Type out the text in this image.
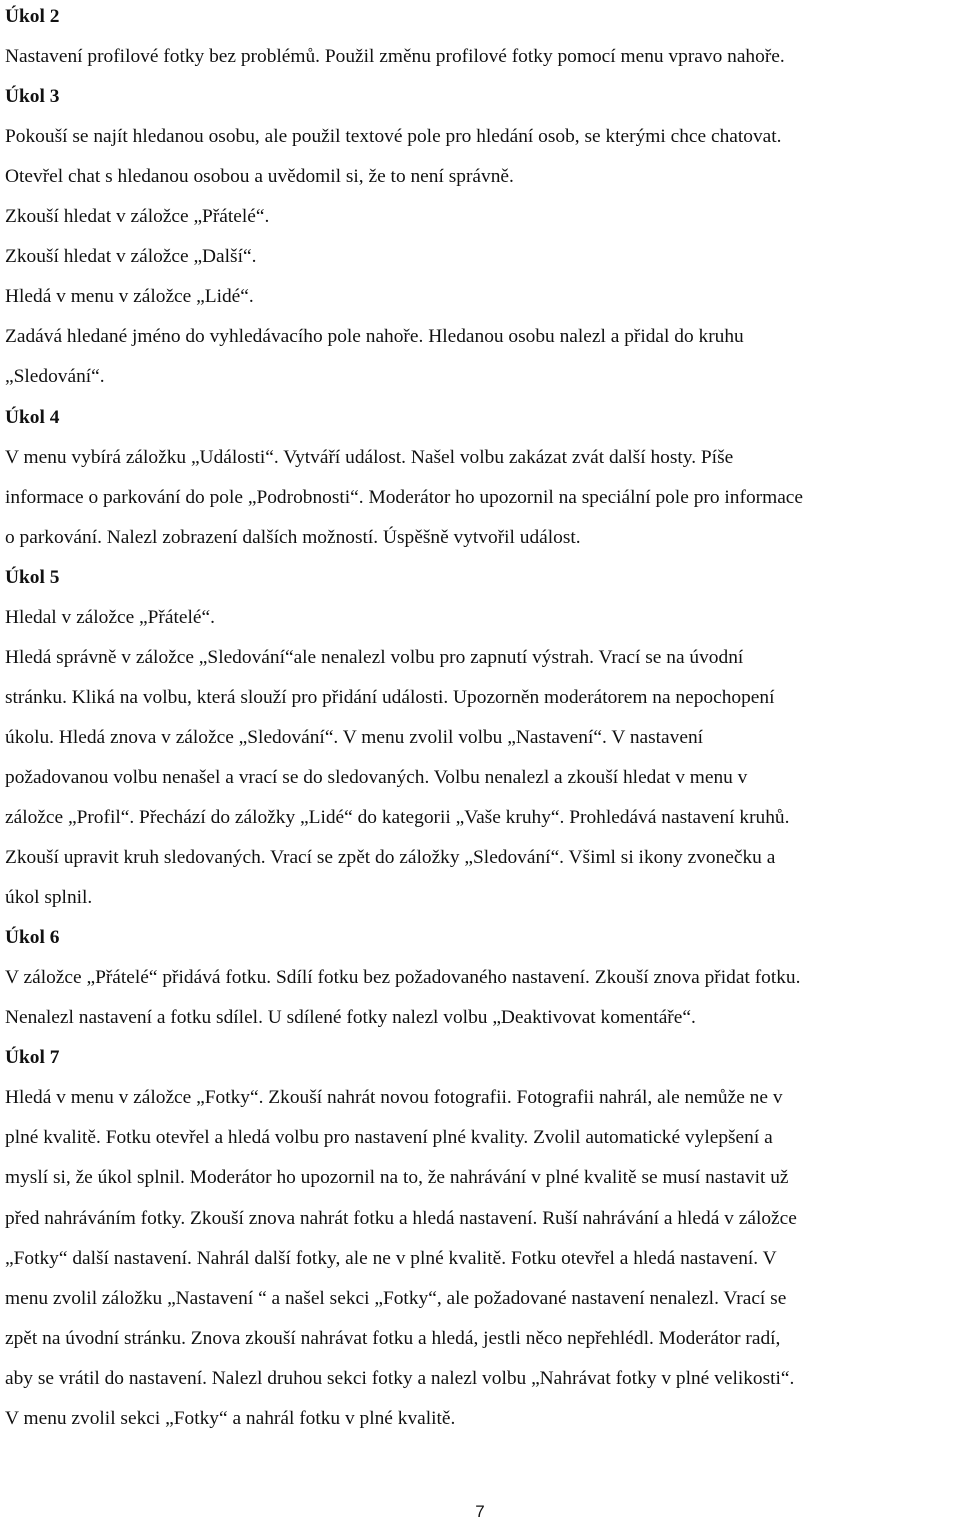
Úkol 2
Nastavení profilové fotky bez problémů. Použil změnu profilové fotky pomocí menu vpravo nahoře.
Úkol 3
Pokouší se najít hledanou osobu, ale použil textové pole pro hledání osob, se kterými chce chatovat.
Otevřel chat s hledanou osobou a uvědomil si, že to není správně.
Zkouší hledat v záložce „Přátelé“.
Zkouší hledat v záložce „Další“.
Hledá v menu v záložce „Lidé“.
Zadává hledané jméno do vyhledávacího pole nahoře. Hledanou osobu nalezl a přidal do kruhu
„Sledování“.
Úkol 4
V menu vybírá záložku „Události“. Vytváří událost. Našel volbu zakázat zvát další hosty. Píše
informace o parkování do pole „Podrobnosti“. Moderátor ho upozornil na speciální pole pro informace
o parkování. Nalezl zobrazení dalších možností. Úspěšně vytvořil událost.
Úkol 5
Hledal v záložce „Přátelé“.
Hledá správně v záložce „Sledování“ale nenalezl volbu pro zapnutí výstrah. Vrací se na úvodní
stránku. Kliká na volbu, která slouží pro přidání události. Upozorněn moderátorem na nepochopení
úkolu. Hledá znova v záložce „Sledování“. V menu zvolil volbu „Nastavení“. V nastavení
požadovanou volbu nenašel a vrací se do sledovaných. Volbu nenalezl a zkouší hledat v menu v
záložce „Profil“. Přechází do záložky „Lidé“ do kategorii „Vaše kruhy“. Prohledává nastavení kruhů.
Zkouší upravit kruh sledovaných. Vrací se zpět do záložky „Sledování“. Všiml si ikony zvonečku a
úkol splnil.
Úkol 6
V záložce „Přátelé“ přidává fotku. Sdílí fotku bez požadovaného nastavení. Zkouší znova přidat fotku.
Nenalezl nastavení a fotku sdílel. U sdílené fotky nalezl volbu „Deaktivovat komentáře“.
Úkol 7
Hledá v menu v záložce „Fotky“. Zkouší nahrát novou fotografii. Fotografii nahrál, ale nemůže ne v
plné kvalitě. Fotku otevřel a hledá volbu pro nastavení plné kvality. Zvolil automatické vylepšení a
myslí si, že úkol splnil. Moderátor ho upozornil na to, že nahrávání v plné kvalitě se musí nastavit už
před nahráváním fotky. Zkouší znova nahrát fotku a hledá nastavení. Ruší nahrávání a hledá v záložce
„Fotky“ další nastavení. Nahrál další fotky, ale ne v plné kvalitě. Fotku otevřel a hledá nastavení. V
menu zvolil záložku „Nastavení “ a našel sekci „Fotky“, ale požadované nastavení nenalezl. Vrací se
zpět na úvodní stránku. Znova zkouší nahrávat fotku a hledá, jestli něco nepřehlédl. Moderátor radí,
aby se vrátil do nastavení. Nalezl druhou sekci fotky a nalezl volbu „Nahrávat fotky v plné velikosti“.
V menu zvolil sekci „Fotky“ a nahrál fotku v plné kvalitě.
7
